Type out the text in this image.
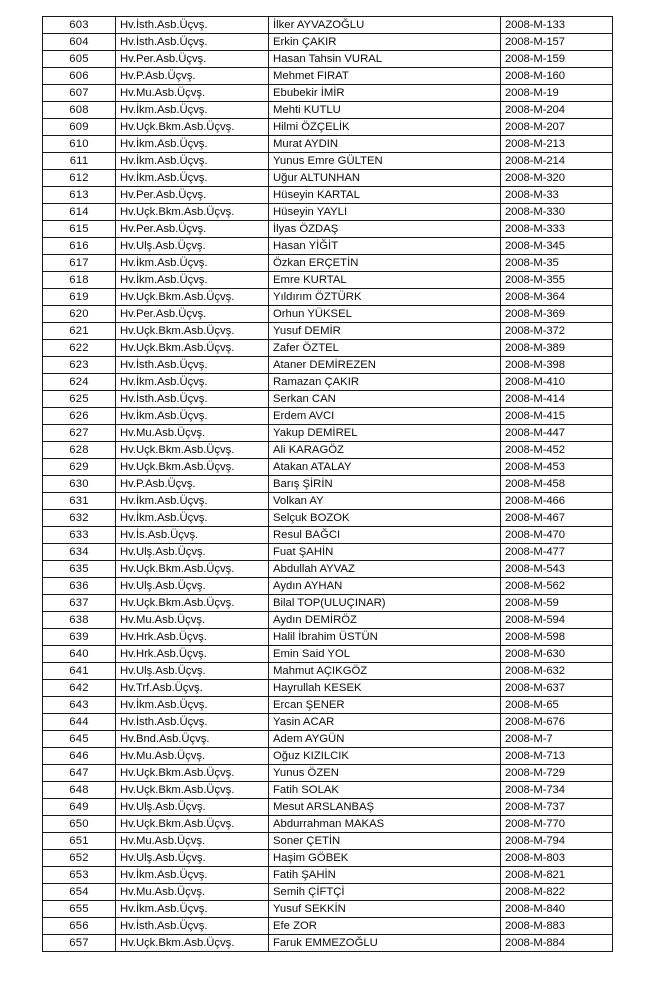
603	Hv.İsth.Asb.Üçvş.	İlker AYVAZOĞLU	2008-M-133
604	Hv.İsth.Asb.Üçvş.	Erkin ÇAKIR	2008-M-157
605	Hv.Per.Asb.Üçvş.	Hasan Tahsin VURAL	2008-M-159
606	Hv.P.Asb.Üçvş.	Mehmet FIRAT	2008-M-160
607	Hv.Mu.Asb.Üçvş.	Ebubekir İMİR	2008-M-19
608	Hv.İkm.Asb.Üçvş.	Mehti KUTLU	2008-M-204
609	Hv.Uçk.Bkm.Asb.Üçvş.	Hilmi ÖZÇELİK	2008-M-207
610	Hv.İkm.Asb.Üçvş.	Murat AYDIN	2008-M-213
611	Hv.İkm.Asb.Üçvş.	Yunus Emre GÜLTEN	2008-M-214
612	Hv.İkm.Asb.Üçvş.	Uğur ALTUNHAN	2008-M-320
613	Hv.Per.Asb.Üçvş.	Hüseyin KARTAL	2008-M-33
614	Hv.Uçk.Bkm.Asb.Üçvş.	Hüseyin YAYLI	2008-M-330
615	Hv.Per.Asb.Üçvş.	İlyas ÖZDAŞ	2008-M-333
616	Hv.Ulş.Asb.Üçvş.	Hasan YİĞİT	2008-M-345
617	Hv.İkm.Asb.Üçvş.	Özkan ERÇETİN	2008-M-35
618	Hv.İkm.Asb.Üçvş.	Emre KURTAL	2008-M-355
619	Hv.Uçk.Bkm.Asb.Üçvş.	Yıldırım ÖZTÜRK	2008-M-364
620	Hv.Per.Asb.Üçvş.	Orhun YÜKSEL	2008-M-369
621	Hv.Uçk.Bkm.Asb.Üçvş.	Yusuf DEMİR	2008-M-372
622	Hv.Uçk.Bkm.Asb.Üçvş.	Zafer ÖZTEL	2008-M-389
623	Hv.İsth.Asb.Üçvş.	Ataner DEMİREZEN	2008-M-398
624	Hv.İkm.Asb.Üçvş.	Ramazan ÇAKIR	2008-M-410
625	Hv.İsth.Asb.Üçvş.	Serkan CAN	2008-M-414
626	Hv.İkm.Asb.Üçvş.	Erdem AVCI	2008-M-415
627	Hv.Mu.Asb.Üçvş.	Yakup DEMİREL	2008-M-447
628	Hv.Uçk.Bkm.Asb.Üçvş.	Ali KARAGÖZ	2008-M-452
629	Hv.Uçk.Bkm.Asb.Üçvş.	Atakan ATALAY	2008-M-453
630	Hv.P.Asb.Üçvş.	Barış ŞİRİN	2008-M-458
631	Hv.İkm.Asb.Üçvş.	Volkan AY	2008-M-466
632	Hv.İkm.Asb.Üçvş.	Selçuk BOZOK	2008-M-467
633	Hv.İs.Asb.Üçvş.	Resul BAĞCI	2008-M-470
634	Hv.Ulş.Asb.Üçvş.	Fuat ŞAHİN	2008-M-477
635	Hv.Uçk.Bkm.Asb.Üçvş.	Abdullah AYVAZ	2008-M-543
636	Hv.Ulş.Asb.Üçvş.	Aydın AYHAN	2008-M-562
637	Hv.Uçk.Bkm.Asb.Üçvş.	Bilal TOP(ULUÇINAR)	2008-M-59
638	Hv.Mu.Asb.Üçvş.	Aydın DEMİRÖZ	2008-M-594
639	Hv.Hrk.Asb.Üçvş.	Halil İbrahim ÜSTÜN	2008-M-598
640	Hv.Hrk.Asb.Üçvş.	Emin Said YOL	2008-M-630
641	Hv.Ulş.Asb.Üçvş.	Mahmut AÇIKGÖZ	2008-M-632
642	Hv.Trf.Asb.Üçvş.	Hayrullah KESEK	2008-M-637
643	Hv.İkm.Asb.Üçvş.	Ercan ŞENER	2008-M-65
644	Hv.İsth.Asb.Üçvş.	Yasin ACAR	2008-M-676
645	Hv.Bnd.Asb.Üçvş.	Adem AYGÜN	2008-M-7
646	Hv.Mu.Asb.Üçvş.	Oğuz KIZILCIK	2008-M-713
647	Hv.Uçk.Bkm.Asb.Üçvş.	Yunus ÖZEN	2008-M-729
648	Hv.Uçk.Bkm.Asb.Üçvş.	Fatih SOLAK	2008-M-734
649	Hv.Ulş.Asb.Üçvş.	Mesut ARSLANBAŞ	2008-M-737
650	Hv.Uçk.Bkm.Asb.Üçvş.	Abdurrahman MAKAS	2008-M-770
651	Hv.Mu.Asb.Üçvş.	Soner ÇETİN	2008-M-794
652	Hv.Ulş.Asb.Üçvş.	Haşim GÖBEK	2008-M-803
653	Hv.İkm.Asb.Üçvş.	Fatih ŞAHİN	2008-M-821
654	Hv.Mu.Asb.Üçvş.	Semih ÇİFTÇİ	2008-M-822
655	Hv.İkm.Asb.Üçvş.	Yusuf SEKKİN	2008-M-840
656	Hv.İsth.Asb.Üçvş.	Efe ZOR	2008-M-883
657	Hv.Uçk.Bkm.Asb.Üçvş.	Faruk EMMEZOĞLU	2008-M-884
